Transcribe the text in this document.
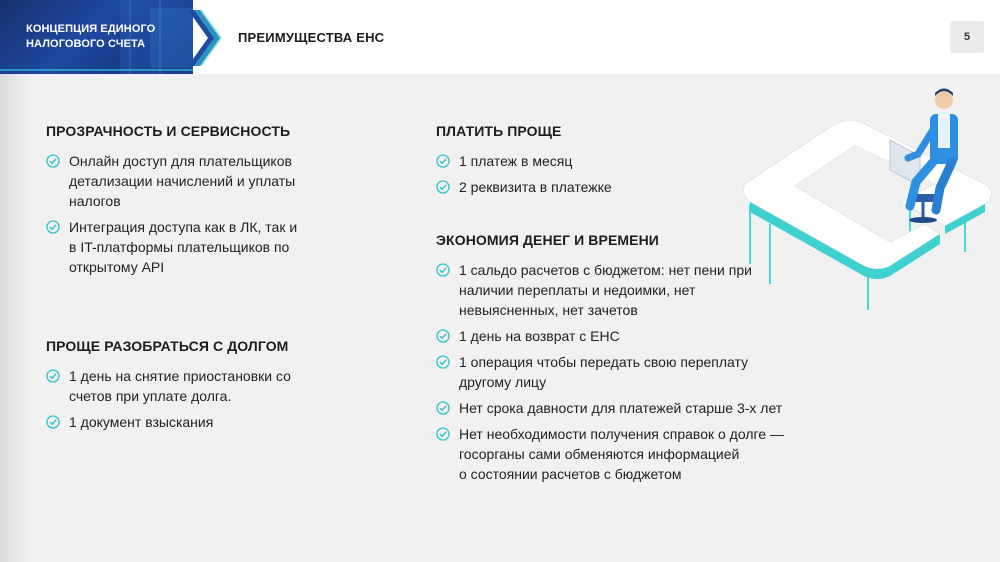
КОНЦЕПЦИЯ ЕДИНОГО
НАЛОГОВОГО СЧЕТА	ПРЕИМУЩЕСТВА ЕНС	5
ПРОЗРАЧНОСТЬ И СЕРВИСНОСТЬ
Онлайн доступ для плательщиков
детализации начислений и уплаты
налогов
Интеграция доступа как в ЛК, так и
в IT-платформы плательщиков по
открытому API
ПРОЩЕ РАЗОБРАТЬСЯ С ДОЛГОМ
1 день на снятие приостановки со
счетов при уплате долга.
1 документ взыскания
ПЛАТИТЬ ПРОЩЕ
1 платеж в месяц
2 реквизита в платежке
ЭКОНОМИЯ ДЕНЕГ И ВРЕМЕНИ
1 сальдо расчетов с бюджетом: нет пени при
наличии переплаты и недоимки, нет
невыясненных, нет зачетов
1 день на возврат с ЕНС
1 операция чтобы передать свою переплату
другому лицу
Нет срока давности для платежей старше 3-х лет
Нет необходимости получения справок о долге —
госорганы сами обменяются информацией
о состоянии расчетов с бюджетом
